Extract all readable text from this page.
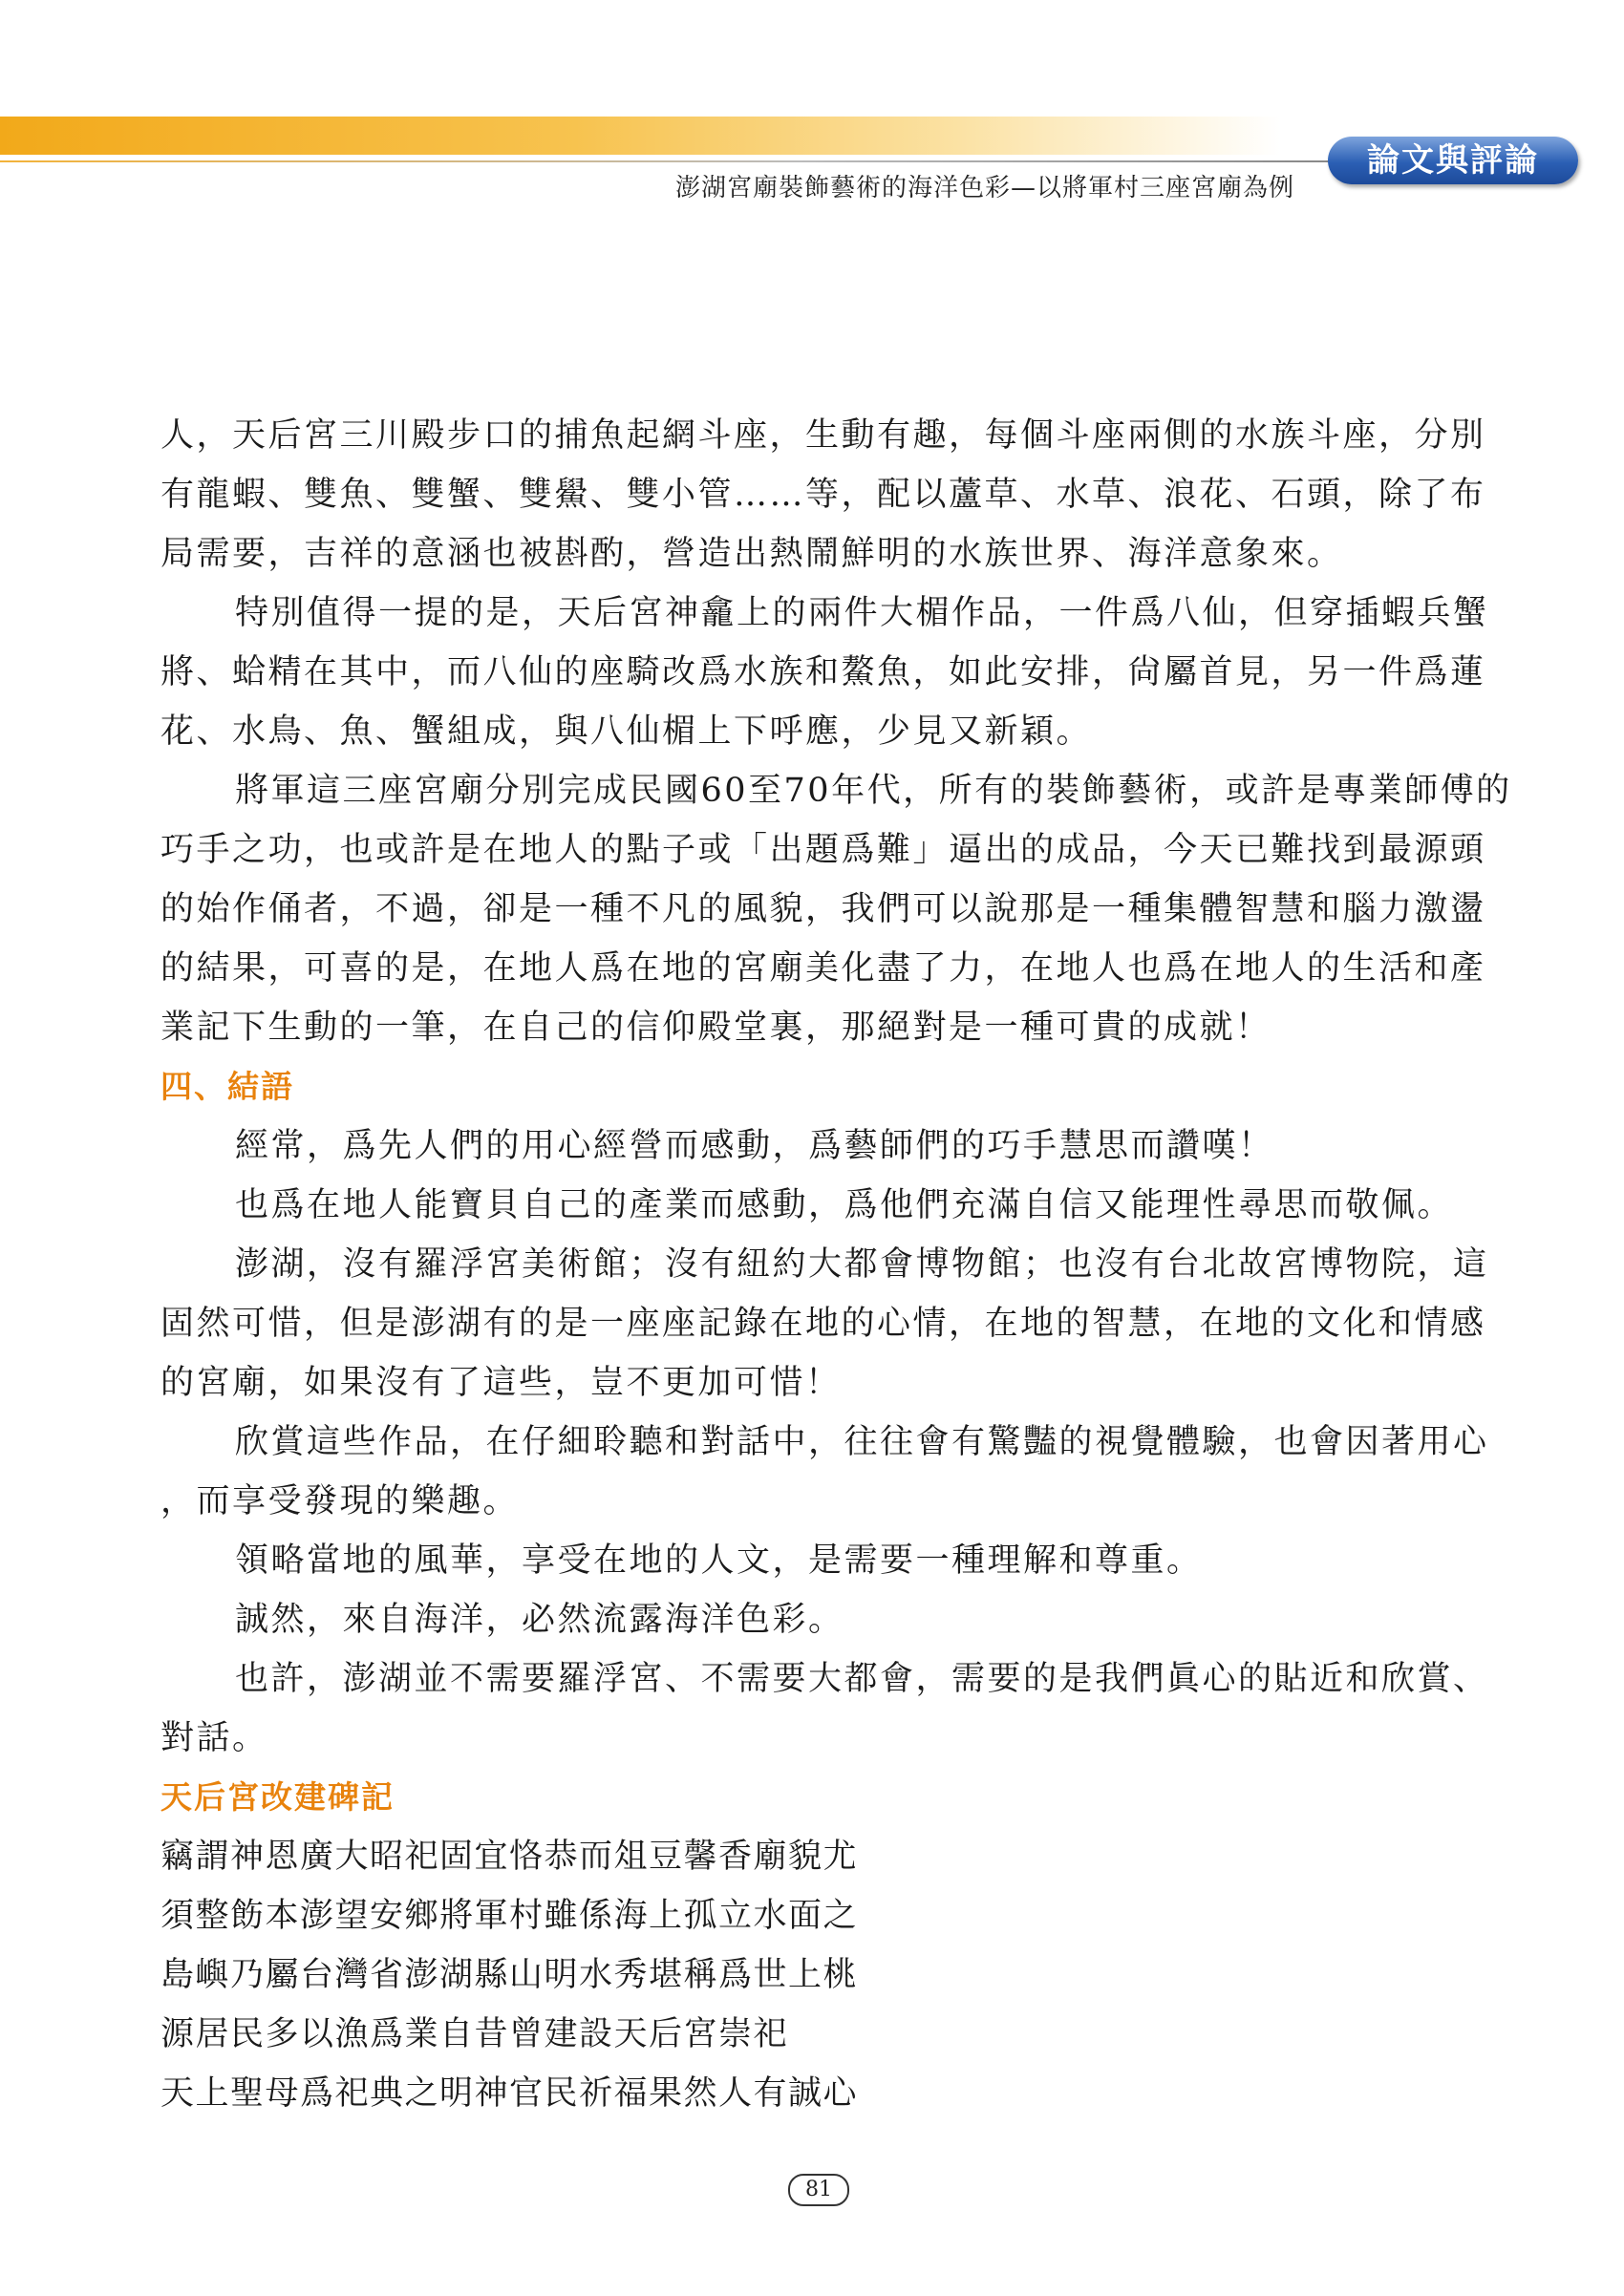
論文與評論
澎湖宮廟裝飾藝術的海洋色彩—以將軍村三座宮廟為例
人，天后宮三川殿步口的捕魚起網斗座，生動有趣，每個斗座兩側的水族斗座，分別
有龍蝦、雙魚、雙蟹、雙鱟、雙小管……等，配以蘆草、水草、浪花、石頭，除了布
局需要，吉祥的意涵也被斟酌，營造出熱鬧鮮明的水族世界、海洋意象來。
特別值得一提的是，天后宮神龕上的兩件大楣作品，一件爲八仙，但穿插蝦兵蟹
將、蛤精在其中，而八仙的座騎改爲水族和鰲魚，如此安排，尙屬首見，另一件爲蓮
花、水鳥、魚、蟹組成，與八仙楣上下呼應，少見又新穎。
將軍這三座宮廟分別完成民國60至70年代，所有的裝飾藝術，或許是專業師傅的
巧手之功，也或許是在地人的點子或「出題爲難」逼出的成品，今天已難找到最源頭
的始作俑者，不過，卻是一種不凡的風貌，我們可以說那是一種集體智慧和腦力激盪
的結果，可喜的是，在地人爲在地的宮廟美化盡了力，在地人也爲在地人的生活和產
業記下生動的一筆，在自己的信仰殿堂裏，那絕對是一種可貴的成就！
四、結語
經常，爲先人們的用心經營而感動，爲藝師們的巧手慧思而讚嘆！
也爲在地人能寶貝自己的產業而感動，爲他們充滿自信又能理性尋思而敬佩。
澎湖，沒有羅浮宮美術館；沒有紐約大都會博物館；也沒有台北故宮博物院，這
固然可惜，但是澎湖有的是一座座記錄在地的心情，在地的智慧，在地的文化和情感
的宮廟，如果沒有了這些，豈不更加可惜！
欣賞這些作品，在仔細聆聽和對話中，往往會有驚豔的視覺體驗，也會因著用心
，而享受發現的樂趣。
領略當地的風華，享受在地的人文，是需要一種理解和尊重。
誠然，來自海洋，必然流露海洋色彩。
也許，澎湖並不需要羅浮宮、不需要大都會，需要的是我們眞心的貼近和欣賞、
對話。
天后宮改建碑記
竊謂神恩廣大昭祀固宜恪恭而俎豆馨香廟貌尤
須整飭本澎望安鄉將軍村雖係海上孤立水面之
島嶼乃屬台灣省澎湖縣山明水秀堪稱爲世上桃
源居民多以漁爲業自昔曾建設天后宮崇祀
天上聖母爲祀典之明神官民祈福果然人有誠心
81
